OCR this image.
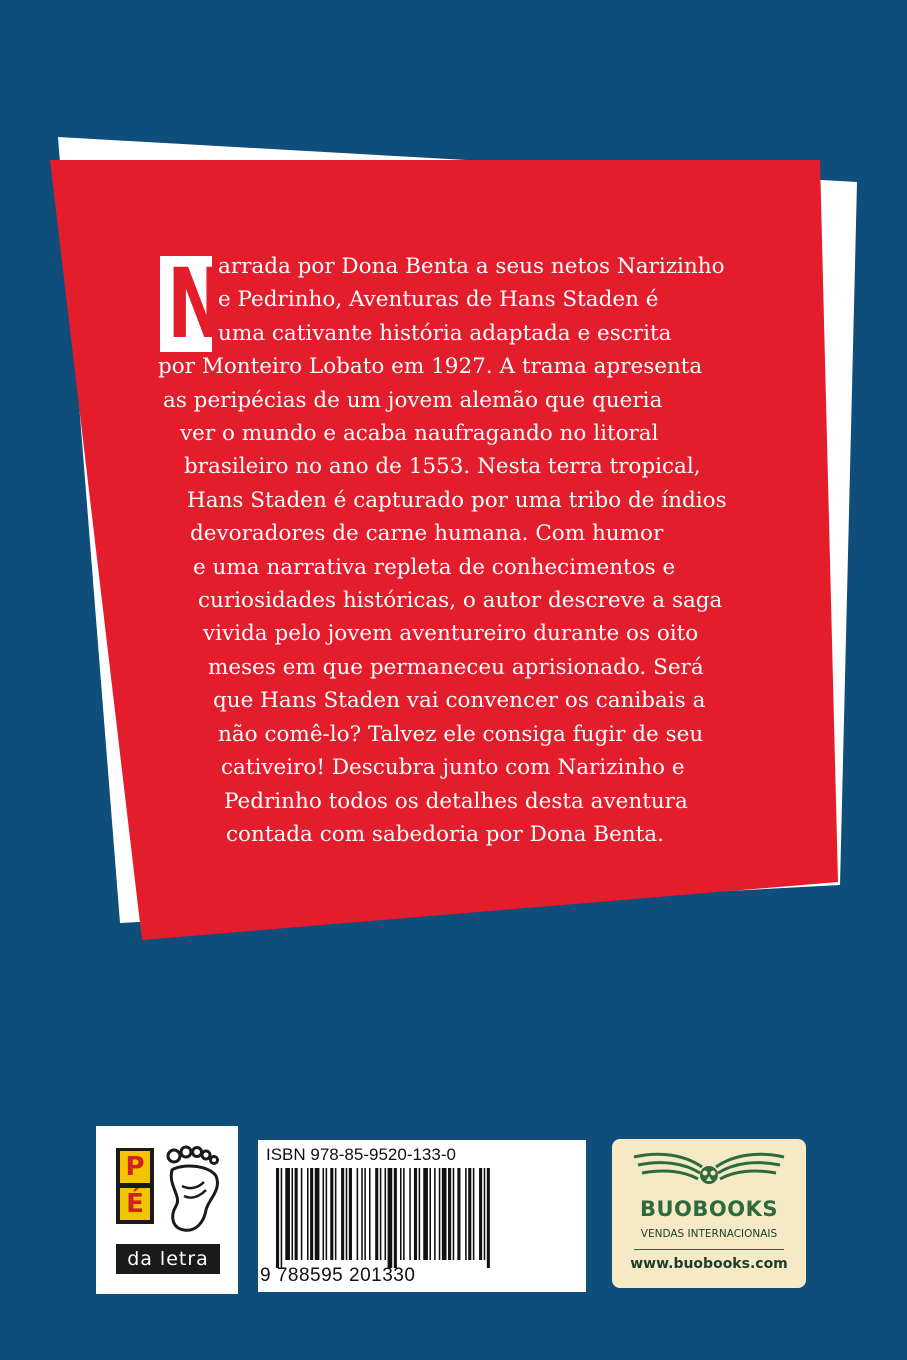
N
arrada por Dona Benta a seus netos Narizinho
e Pedrinho, Aventuras de Hans Staden é
uma cativante história adaptada e escrita
por Monteiro Lobato em 1927. A trama apresenta
as peripécias de um jovem alemão que queria
ver o mundo e acaba naufragando no litoral
brasileiro no ano de 1553. Nesta terra tropical,
Hans Staden é capturado por uma tribo de índios
devoradores de carne humana. Com humor
e uma narrativa repleta de conhecimentos e
curiosidades históricas, o autor descreve a saga
vivida pelo jovem aventureiro durante os oito
meses em que permaneceu aprisionado. Será
que Hans Staden vai convencer os canibais a
não comê-lo? Talvez ele consiga fugir de seu
cativeiro! Descubra junto com Narizinho e
Pedrinho todos os detalhes desta aventura
contada com sabedoria por Dona Benta.
P
É
da letra
ISBN 978-85-9520-133-0
9 788595 201330
BUOBOOKS
VENDAS INTERNACIONAIS
www.buobooks.com
